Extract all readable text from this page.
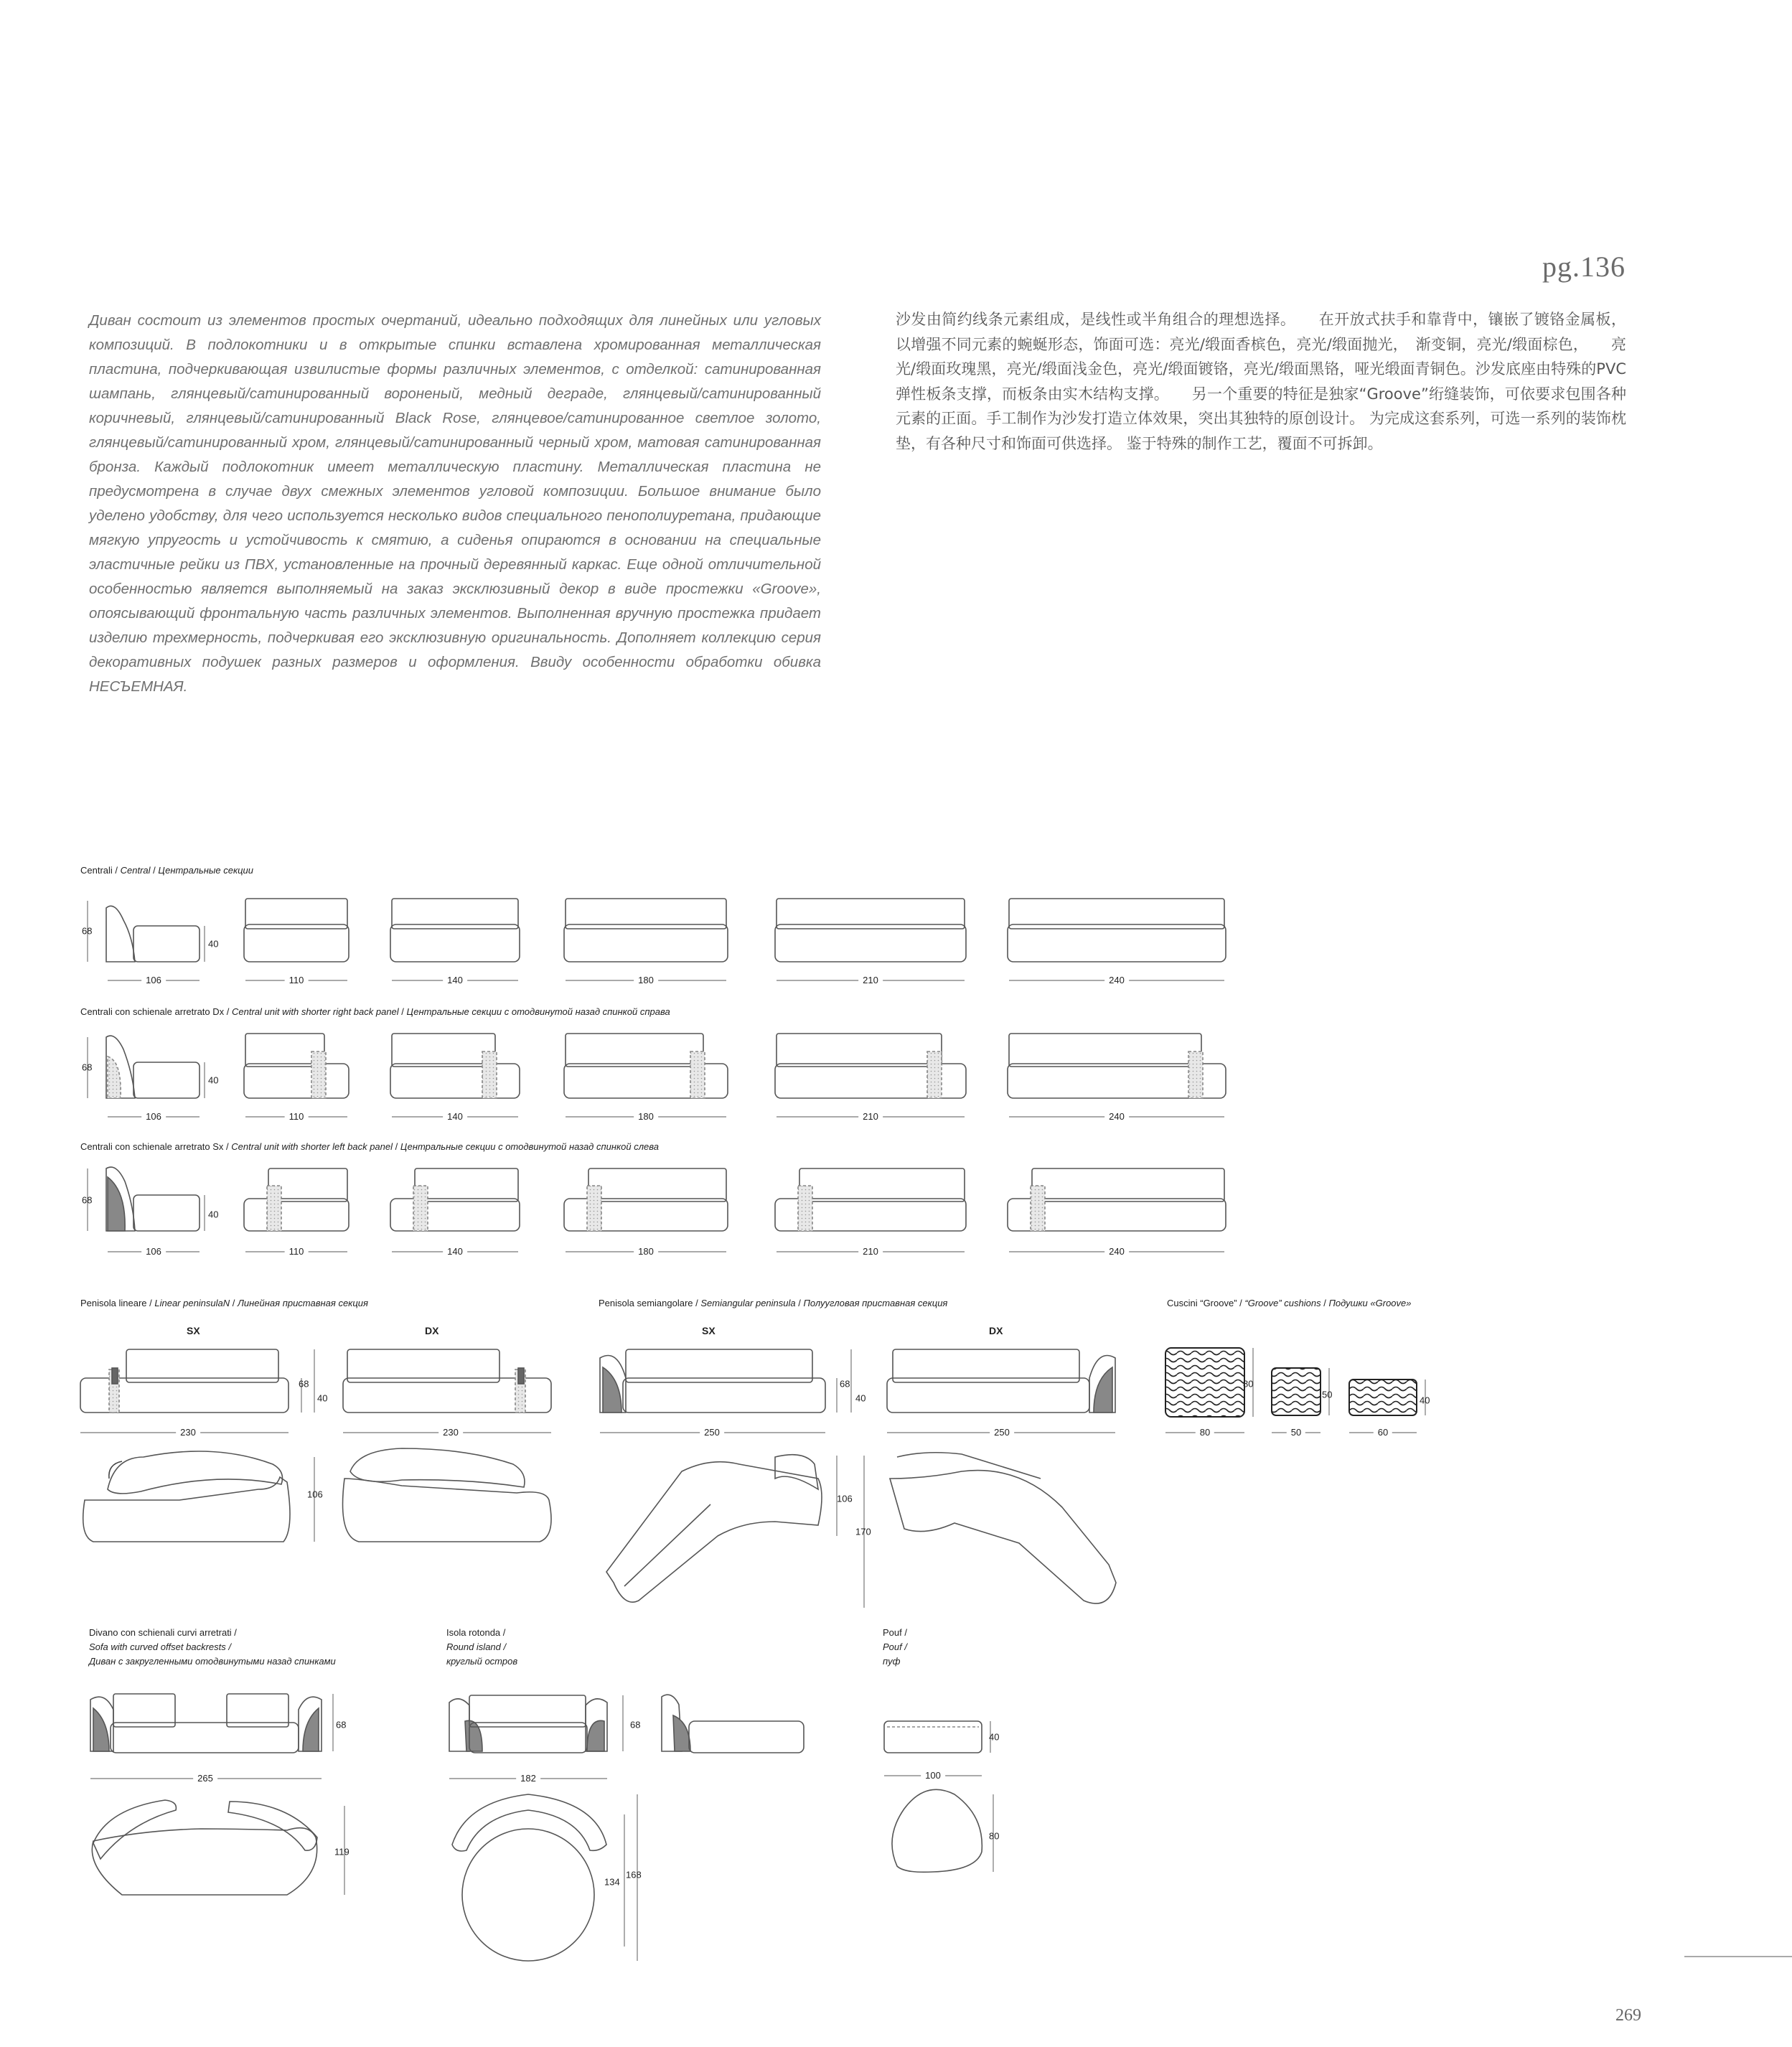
pg.136
Диван состоит из элементов простых очертаний, идеально подходящих для линейных или угловых композиций. В подлокотники и в открытые спинки вставлена хромированная металлическая пластина, подчеркивающая извилистые формы различных элементов, с отделкой: сатинированная шампань, глянцевый/сатинированный вороненый, медный деграде, глянцевый/сатинированный коричневый, глянцевый/сатинированный Black Rose, глянцевое/сатинированное светлое золото, глянцевый/сатинированный хром, глянцевый/сатинированный черный хром, матовая сатинированная бронза. Каждый подлокотник имеет металлическую пластину. Металлическая пластина не предусмотрена в случае двух смежных элементов угловой композиции. Большое внимание было уделено удобству, для чего используется несколько видов специального пенополиуретана, придающие мягкую упругость и устойчивость к смятию, а сиденья опираются в основании на специальные эластичные рейки из ПВХ, установленные на прочный деревянный каркас. Еще одной отличительной особенностью является выполняемый на заказ эксклюзивный декор в виде простежки «Groove», опоясывающий фронтальную часть различных элементов. Выполненная вручную простежка придает изделию трехмерность, подчеркивая его эксклюзивную оригинальность. Дополняет коллекцию серия декоративных подушек разных размеров и оформления. Ввиду особенности обработки обивка НЕСЪЕМНАЯ.
沙发由简约线条元素组成，是线性或半角组合的理想选择。　　在开放式扶手和靠背中，镶嵌了镀铬金属板，以增强不同元素的蜿蜒形态，饰面可选：亮光/缎面香槟色，亮光/缎面抛光，　渐变铜，亮光/缎面棕色，　　亮光/缎面玫瑰黑，亮光/缎面浅金色，亮光/缎面镀铬，亮光/缎面黑铬，哑光缎面青铜色。沙发底座由特殊的PVC弹性板条支撑，而板条由实木结构支撑。　　另一个重要的特征是独家“Groove”绗缝装饰，可依要求包围各种元素的正面。手工制作为沙发打造立体效果，突出其独特的原创设计。 为完成这套系列，可选一系列的装饰枕垫，有各种尺寸和饰面可供选择。 鉴于特殊的制作工艺，覆面不可拆卸。
Centrali / Central / Центральные секции
Centrali con schienale arretrato Dx / Central unit with shorter right back panel / Центральные секции с отодвинутой назад спинкой справа
Centrali con schienale arretrato Sx / Central unit with shorter left back panel / Центральные секции с отодвинутой назад спинкой слева
Penisola lineare / Linear peninsulaN / Линейная приставная секция	Penisola semiangolare / Semiangular peninsula / Полуугловая приставная секция	Cuscini “Groove” / “Groove” cushions / Подушки «Groove»
Divano con schienali curvi arretrati /
Sofa with curved offset backrests /
Диван с закругленными отодвинутыми назад спинками
Isola rotonda /
Round island /
круглый остров
Pouf /
Pouf /
пуф
SX	DX	SX	DX
68
40
106	110	140	180	210	240
68
40
106	110	140	180	210	240
68
40
106	110	140	180	210	240
68
40
230	230
106
68
40
250	250
106
170
80
50
40
80	50	60
68
265
119
68
182
134
168
40
100
80
269
